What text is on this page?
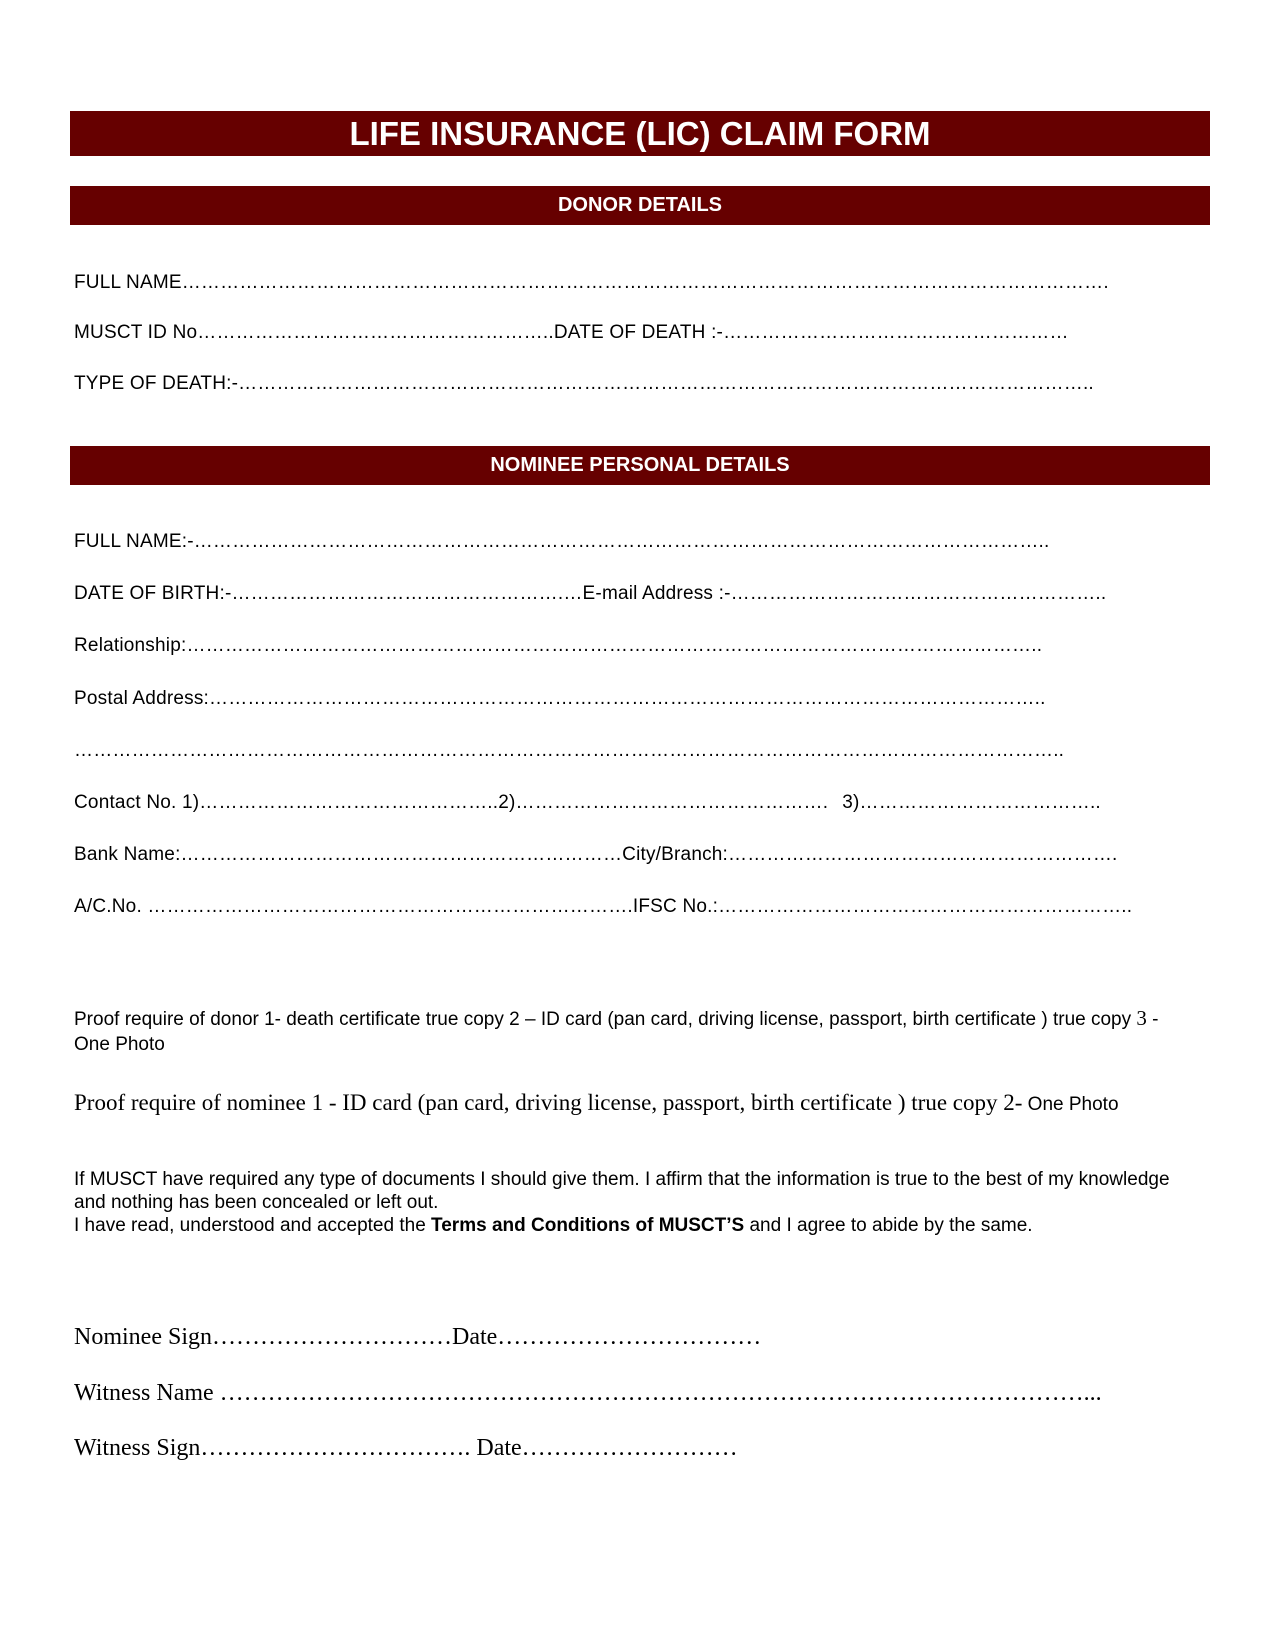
LIFE INSURANCE (LIC) CLAIM FORM
DONOR DETAILS
FULL NAME……………………………………………………………………………………………………………………………….
MUSCT ID No………………………………………………..DATE OF DEATH :-………………………………………………
TYPE OF DEATH:-……………………………………………………………………………………………………………………..
NOMINEE PERSONAL DETAILS
FULL NAME:-……………………………………………………………………………………………………………………..
DATE OF BIRTH:-…………………………………………….…E-mail Address :-…………………………………………………..
Relationship:……………………………………………………………………………………………………………………..
Postal Address:…………………………………………………………………………………………………………………..
………………………………………………………………………………………………………………………………………..
Contact No. 1)………………………………………..2)…………………………………………. 3)………………………………..
Bank Name:……………………………………………………………City/Branch:…………………………………………………….
A/C.No. ………………………………………………………………….IFSC No.:………………………………………………………..
Proof require of donor 1- death certificate true copy 2 – ID card (pan card, driving license, passport, birth certificate ) true copy 3 - One Photo
Proof require of nominee 1 - ID card (pan card, driving license, passport, birth certificate ) true copy 2- One Photo
If MUSCT have required any type of documents I should give them. I affirm that the information is true to the best of my knowledge and nothing has been concealed or left out.
I have read, understood and accepted the Terms and Conditions of MUSCT’S and I agree to abide by the same.
Nominee Sign…………………………Date……………………………
Witness Name ………………………………………………………………………………………………...
Witness Sign……………………………. Date………………………
